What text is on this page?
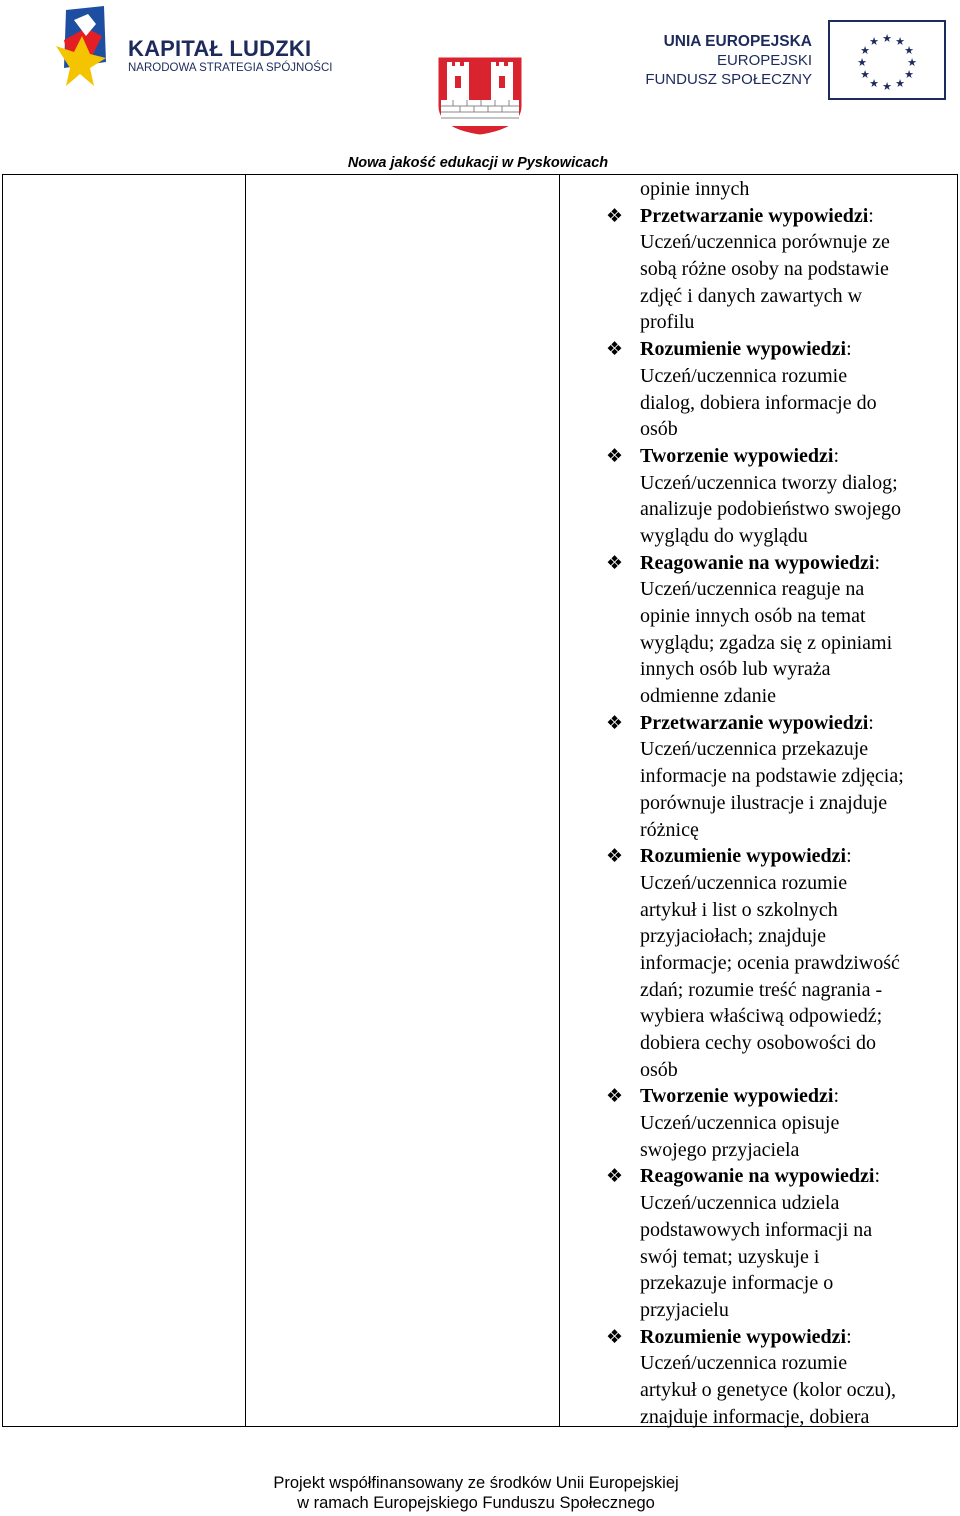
KAPITAŁ LUDZKI
NARODOWA STRATEGIA SPÓJNOŚCI
UNIA EUROPEJSKA
EUROPEJSKI
FUNDUSZ SPOŁECZNY
★ ★
★
★
★
★
★
★
★
★
★
★
Nowa jakość edukacji w Pyskowicach
opinie innych
❖ Przetwarzanie wypowiedzi:
Uczeń/uczennica porównuje ze
sobą różne osoby na podstawie
zdjęć i danych zawartych w
profilu
❖ Rozumienie wypowiedzi:
Uczeń/uczennica rozumie
dialog, dobiera informacje do
osób
❖ Tworzenie wypowiedzi:
Uczeń/uczennica tworzy dialog;
analizuje podobieństwo swojego
wyglądu do wyglądu
❖ Reagowanie na wypowiedzi:
Uczeń/uczennica reaguje na
opinie innych osób na temat
wyglądu; zgadza się z opiniami
innych osób lub wyraża
odmienne zdanie
❖ Przetwarzanie wypowiedzi:
Uczeń/uczennica przekazuje
informacje na podstawie zdjęcia;
porównuje ilustracje i znajduje
różnicę
❖ Rozumienie wypowiedzi:
Uczeń/uczennica rozumie
artykuł i list o szkolnych
przyjaciołach; znajduje
informacje; ocenia prawdziwość
zdań; rozumie treść nagrania -
wybiera właściwą odpowiedź;
dobiera cechy osobowości do
osób
❖ Tworzenie wypowiedzi:
Uczeń/uczennica opisuje
swojego przyjaciela
❖ Reagowanie na wypowiedzi:
Uczeń/uczennica udziela
podstawowych informacji na
swój temat; uzyskuje i
przekazuje informacje o
przyjacielu
❖ Rozumienie wypowiedzi:
Uczeń/uczennica rozumie
artykuł o genetyce (kolor oczu),
znajduje informacje, dobiera
Projekt współfinansowany ze środków Unii Europejskiej
w ramach Europejskiego Funduszu Społecznego
